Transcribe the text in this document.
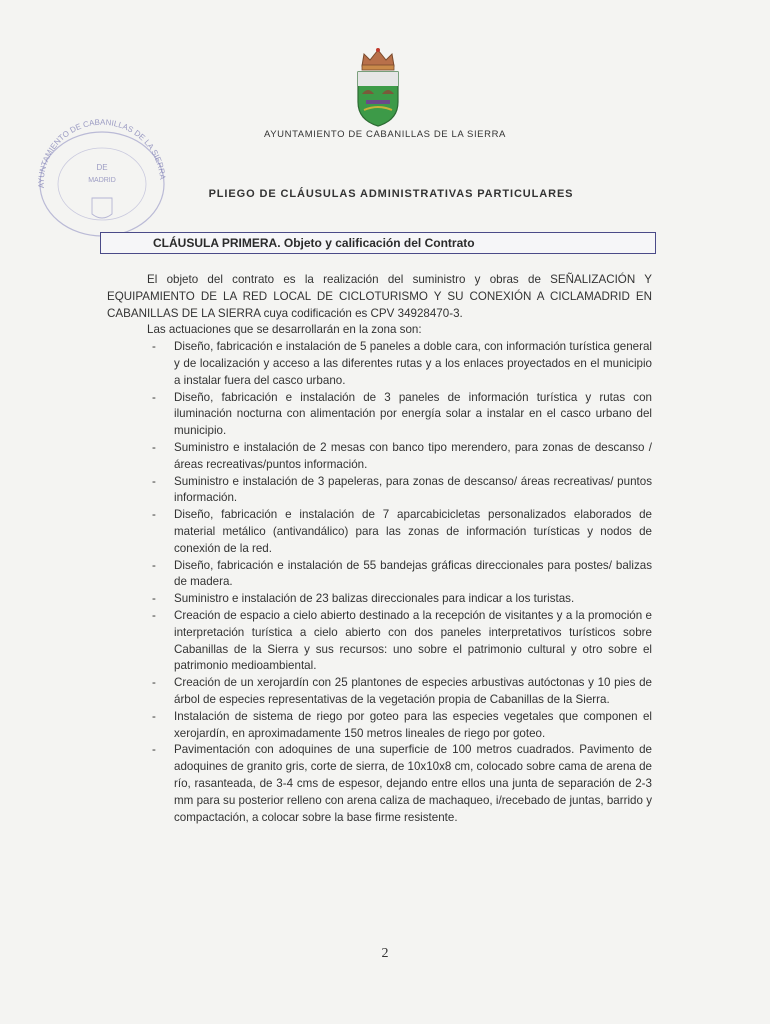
AYUNTAMIENTO DE CABANILLAS DE LA SIERRA
AYUNTAMIENTO DE CABANILLAS DE LA SIERRA
DE
MADRID
PLIEGO DE CLÁUSULAS ADMINISTRATIVAS PARTICULARES
CLÁUSULA PRIMERA. Objeto y calificación del Contrato

El objeto del contrato es la realización del suministro y obras de SEÑALIZACIÓN Y EQUIPAMIENTO DE LA RED LOCAL DE CICLOTURISMO Y SU CONEXIÓN A CICLAMADRID EN CABANILLAS DE LA SIERRA cuya codificación es CPV 34928470-3.

Las actuaciones que se desarrollarán en la zona son:

- Diseño, fabricación e instalación de 5 paneles a doble cara, con información turística general y de localización y acceso a las diferentes rutas y a los enlaces proyectados en el municipio a instalar fuera del casco urbano.
- Diseño, fabricación e instalación de 3 paneles de información turística y rutas con iluminación nocturna con alimentación por energía solar a instalar en el casco urbano del municipio.
- Suministro e instalación de 2 mesas con banco tipo merendero, para zonas de descanso / áreas recreativas/puntos información.
- Suministro e instalación de 3 papeleras, para zonas de descanso/ áreas recreativas/ puntos información.
- Diseño, fabricación e instalación de 7 aparcabicicletas personalizados elaborados de material metálico (antivandálico) para las zonas de información turísticas y nodos de conexión de la red.
- Diseño, fabricación e instalación de 55 bandejas gráficas direccionales para postes/ balizas de madera.
- Suministro e instalación de 23 balizas direccionales para indicar a los turistas.
- Creación de espacio a cielo abierto destinado a la recepción de visitantes y a la promoción e interpretación turística a cielo abierto con dos paneles interpretativos turísticos sobre Cabanillas de la Sierra y sus recursos: uno sobre el patrimonio cultural y otro sobre el patrimonio medioambiental.
- Creación de un xerojardín con 25 plantones de especies arbustivas autóctonas y 10 pies de árbol de especies representativas de la vegetación propia de Cabanillas de la Sierra.
- Instalación de sistema de riego por goteo para las especies vegetales que componen el xerojardín, en aproximadamente 150 metros lineales de riego por goteo.
- Pavimentación con adoquines de una superficie de 100 metros cuadrados. Pavimento de adoquines de granito gris, corte de sierra, de 10x10x8 cm, colocado sobre cama de arena de río, rasanteada, de 3-4 cms de espesor, dejando entre ellos una junta de separación de 2-3 mm para su posterior relleno con arena caliza de machaqueo, i/recebado de juntas, barrido y compactación, a colocar sobre la base firme resistente.
2
